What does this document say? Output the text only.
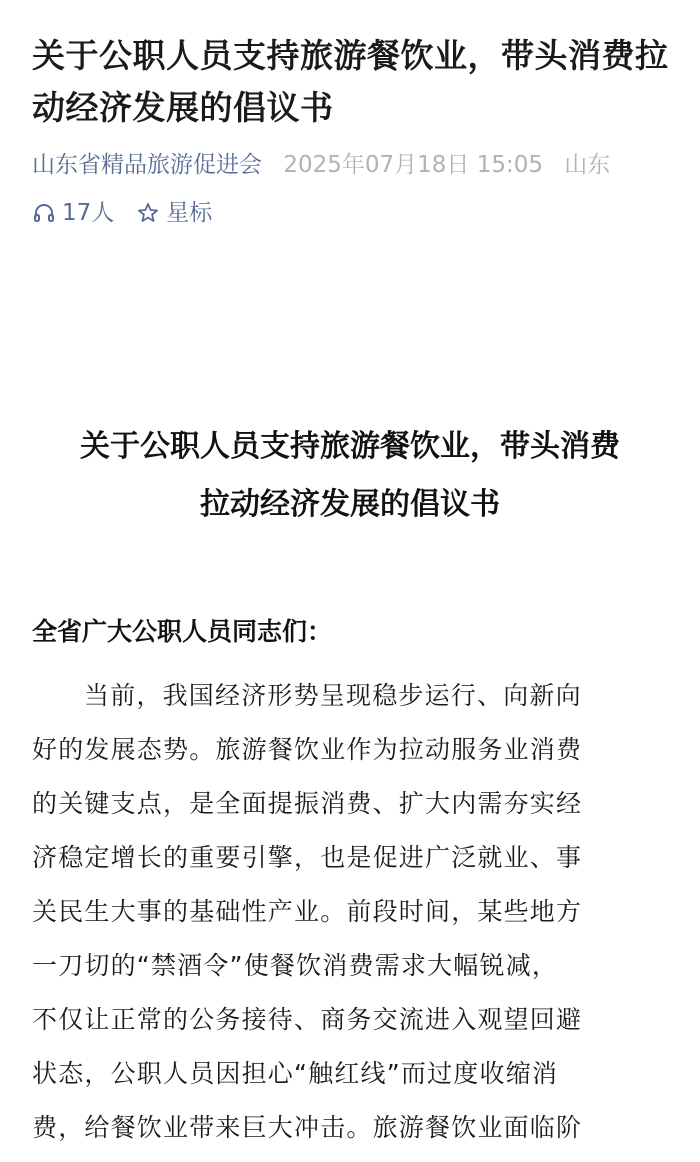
关于公职人员支持旅游餐饮业，带头消费拉动经济发展的倡议书
山东省精品旅游促进会 2025年07月18日 15:05 山东
17人 星标
关于公职人员支持旅游餐饮业，带头消费
拉动经济发展的倡议书
全省广大公职人员同志们：
当前，我国经济形势呈现稳步运行、向新向
好的发展态势。旅游餐饮业作为拉动服务业消费
的关键支点，是全面提振消费、扩大内需夯实经
济稳定增长的重要引擎，也是促进广泛就业、事
关民生大事的基础性产业。前段时间，某些地方
一刀切的“禁酒令”使餐饮消费需求大幅锐减，
不仅让正常的公务接待、商务交流进入观望回避
状态，公职人员因担心“触红线”而过度收缩消
费，给餐饮业带来巨大冲击。旅游餐饮业面临阶
